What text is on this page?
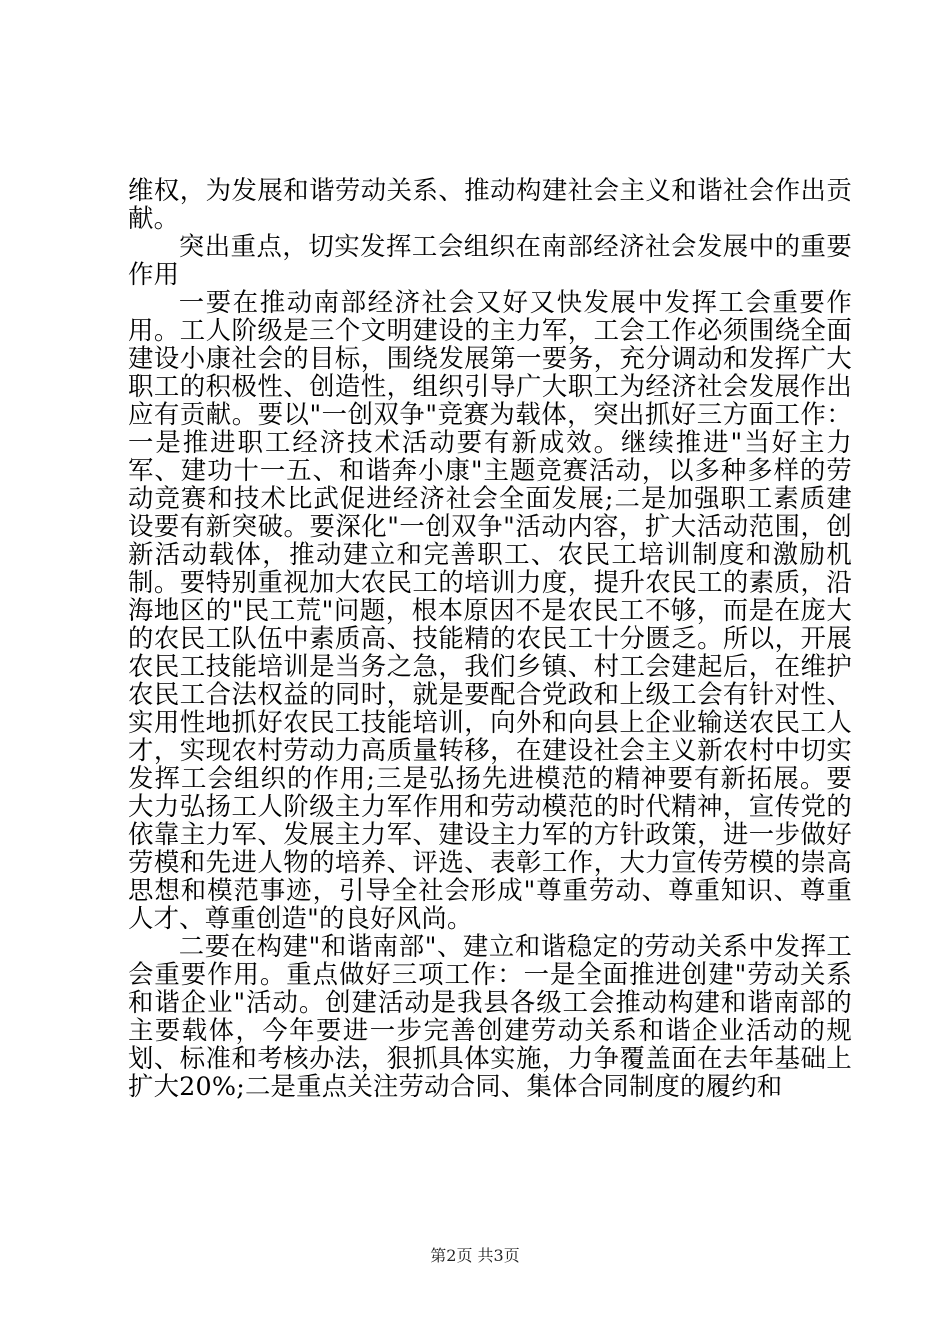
维权，为发展和谐劳动关系、推动构建社会主义和谐社会作出贡献。

突出重点，切实发挥工会组织在南部经济社会发展中的重要作用

一要在推动南部经济社会又好又快发展中发挥工会重要作用。工人阶级是三个文明建设的主力军，工会工作必须围绕全面建设小康社会的目标，围绕发展第一要务，充分调动和发挥广大职工的积极性、创造性，组织引导广大职工为经济社会发展作出应有贡献。要以"一创双争"竞赛为载体，突出抓好三方面工作：一是推进职工经济技术活动要有新成效。继续推进"当好主力军、建功十一五、和谐奔小康"主题竞赛活动，以多种多样的劳动竞赛和技术比武促进经济社会全面发展;二是加强职工素质建设要有新突破。要深化"一创双争"活动内容，扩大活动范围，创新活动载体，推动建立和完善职工、农民工培训制度和激励机制。要特别重视加大农民工的培训力度，提升农民工的素质，沿海地区的"民工荒"问题，根本原因不是农民工不够，而是在庞大的农民工队伍中素质高、技能精的农民工十分匮乏。所以，开展农民工技能培训是当务之急，我们乡镇、村工会建起后，在维护农民工合法权益的同时，就是要配合党政和上级工会有针对性、实用性地抓好农民工技能培训，向外和向县上企业输送农民工人才，实现农村劳动力高质量转移，在建设社会主义新农村中切实发挥工会组织的作用;三是弘扬先进模范的精神要有新拓展。要大力弘扬工人阶级主力军作用和劳动模范的时代精神，宣传党的依靠主力军、发展主力军、建设主力军的方针政策，进一步做好劳模和先进人物的培养、评选、表彰工作，大力宣传劳模的崇高思想和模范事迹，引导全社会形成"尊重劳动、尊重知识、尊重人才、尊重创造"的良好风尚。

二要在构建"和谐南部"、建立和谐稳定的劳动关系中发挥工会重要作用。重点做好三项工作：一是全面推进创建"劳动关系和谐企业"活动。创建活动是我县各级工会推动构建和谐南部的主要载体，今年要进一步完善创建劳动关系和谐企业活动的规划、标准和考核办法，狠抓具体实施，力争覆盖面在去年基础上扩大20%;二是重点关注劳动合同、集体合同制度的履约和

第2页 共3页
